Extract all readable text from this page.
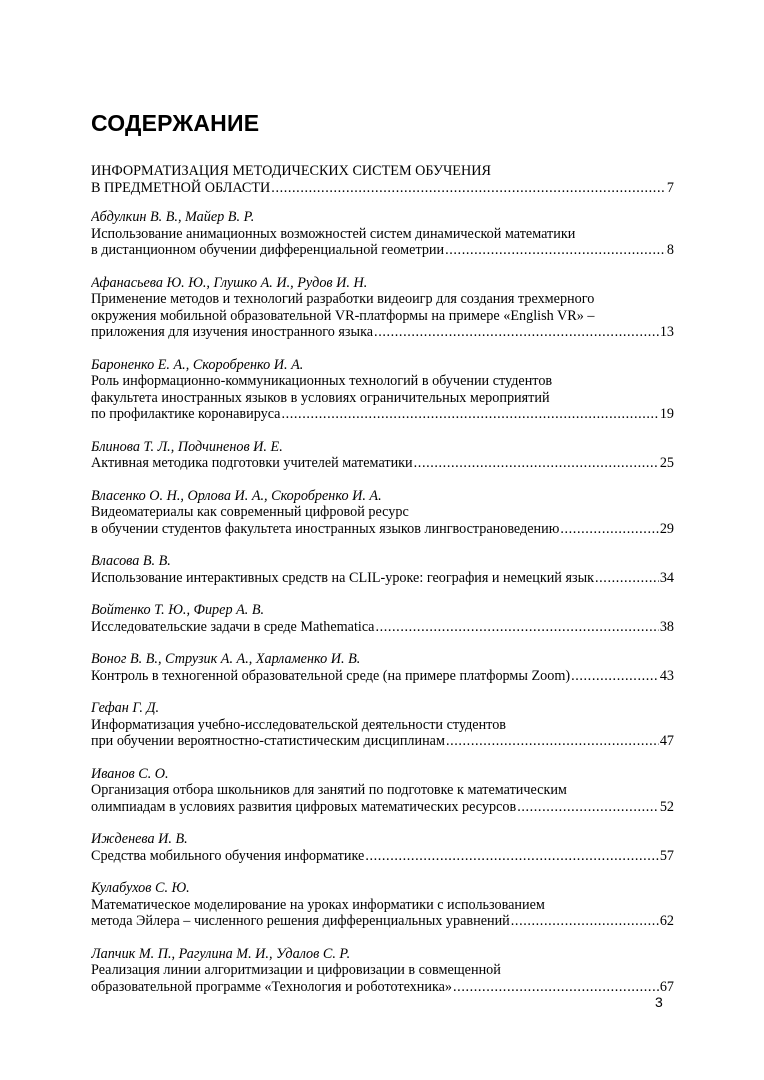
СОДЕРЖАНИЕ
ИНФОРМАТИЗАЦИЯ МЕТОДИЧЕСКИХ СИСТЕМ ОБУЧЕНИЯ
В ПРЕДМЕТНОЙ ОБЛАСТИ .....	7
Абдулкин В. В., Майер В. Р.
Использование анимационных возможностей систем динамической математики
в дистанционном обучении дифференциальной геометрии .....	8
Афанасьева Ю. Ю., Глушко А. И., Рудов И. Н.
Применение методов и технологий разработки видеоигр для создания трехмерного
окружения мобильной образовательной VR-платформы на примере «English VR» –
приложения для изучения иностранного языка .....	13
Бароненко Е. А., Скоробренко И. А.
Роль информационно-коммуникационных технологий в обучении студентов
факультета иностранных языков в условиях ограничительных мероприятий
по профилактике коронавируса .....	19
Блинова Т. Л., Подчиненов И. Е.
Активная методика подготовки учителей математики .....	25
Власенко О. Н., Орлова И. А., Скоробренко И. А.
Видеоматериалы как современный цифровой ресурс
в обучении студентов факультета иностранных языков лингвострановедению .....	29
Власова В. В.
Использование интерактивных средств на CLIL-уроке: география и немецкий язык .....	34
Войтенко Т. Ю., Фирер А. В.
Исследовательские задачи в среде Mathematica .....	38
Воног В. В., Струзик А. А., Харламенко И. В.
Контроль в техногенной образовательной среде (на примере платформы Zoom) .....	43
Гефан Г. Д.
Информатизация учебно-исследовательской деятельности студентов
при обучении вероятностно-статистическим дисциплинам .....	47
Иванов С. О.
Организация отбора школьников для занятий по подготовке к математическим
олимпиадам в условиях развития цифровых математических ресурсов .....	52
Ижденева И. В.
Средства мобильного обучения информатике .....	57
Кулабухов С. Ю.
Математическое моделирование на уроках информатики с использованием
метода Эйлера – численного решения дифференциальных уравнений .....	62
Лапчик М. П., Рагулина М. И., Удалов С. Р.
Реализация линии алгоритмизации и цифровизации в совмещенной
образовательной программе «Технология и робототехника» .....	67
3
